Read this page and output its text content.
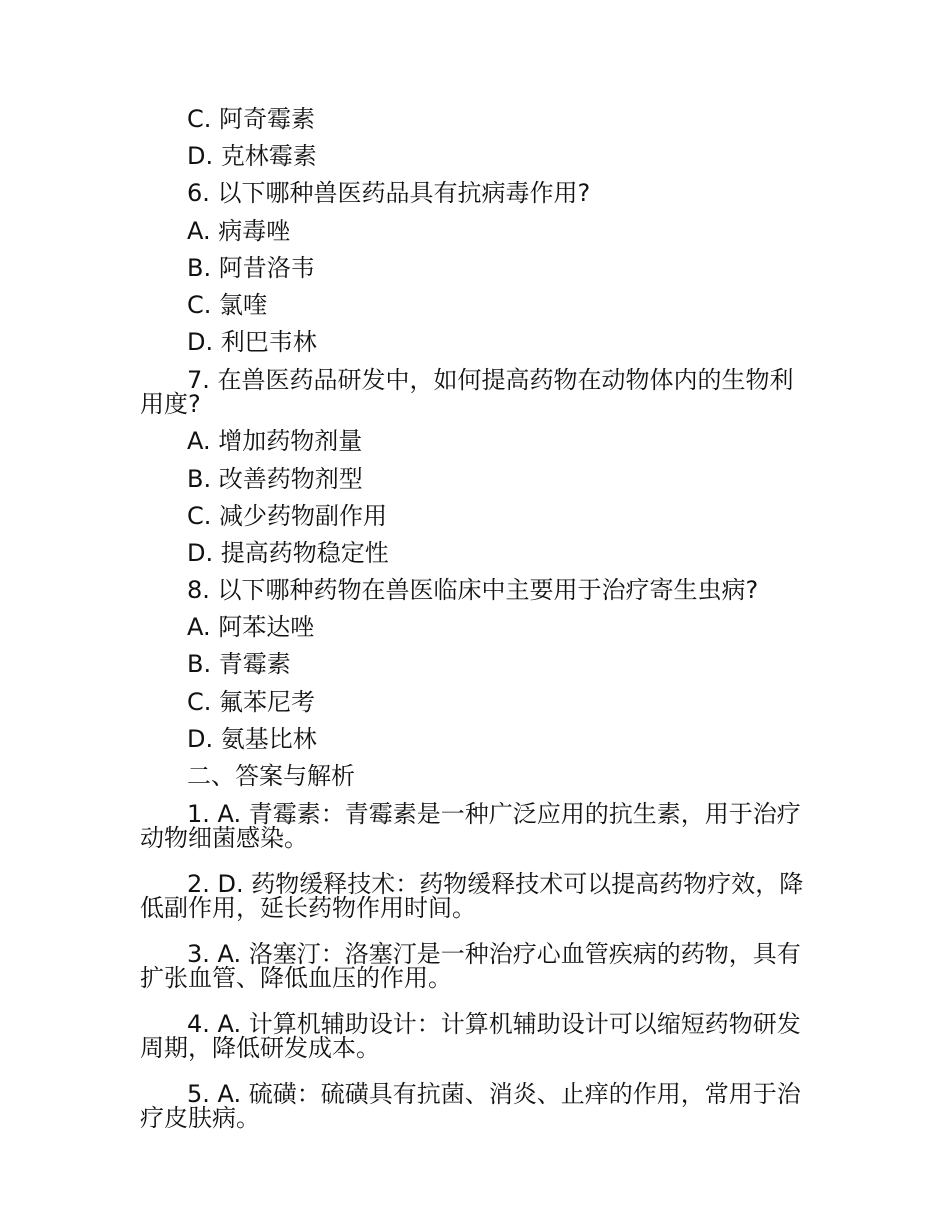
C. 阿奇霉素
D. 克林霉素
6. 以下哪种兽医药品具有抗病毒作用?
A. 病毒唑
B. 阿昔洛韦
C. 氯喹
D. 利巴韦林
7. 在兽医药品研发中，如何提高药物在动物体内的生物利用度?
A. 增加药物剂量
B. 改善药物剂型
C. 减少药物副作用
D. 提高药物稳定性
8. 以下哪种药物在兽医临床中主要用于治疗寄生虫病?
A. 阿苯达唑
B. 青霉素
C. 氟苯尼考
D. 氨基比林
二、答案与解析
1. A. 青霉素：青霉素是一种广泛应用的抗生素，用于治疗动物细菌感染。
2. D. 药物缓释技术：药物缓释技术可以提高药物疗效，降低副作用，延长药物作用时间。
3. A. 洛塞汀：洛塞汀是一种治疗心血管疾病的药物，具有扩张血管、降低血压的作用。
4. A. 计算机辅助设计：计算机辅助设计可以缩短药物研发周期，降低研发成本。
5. A. 硫磺：硫磺具有抗菌、消炎、止痒的作用，常用于治疗皮肤病。
